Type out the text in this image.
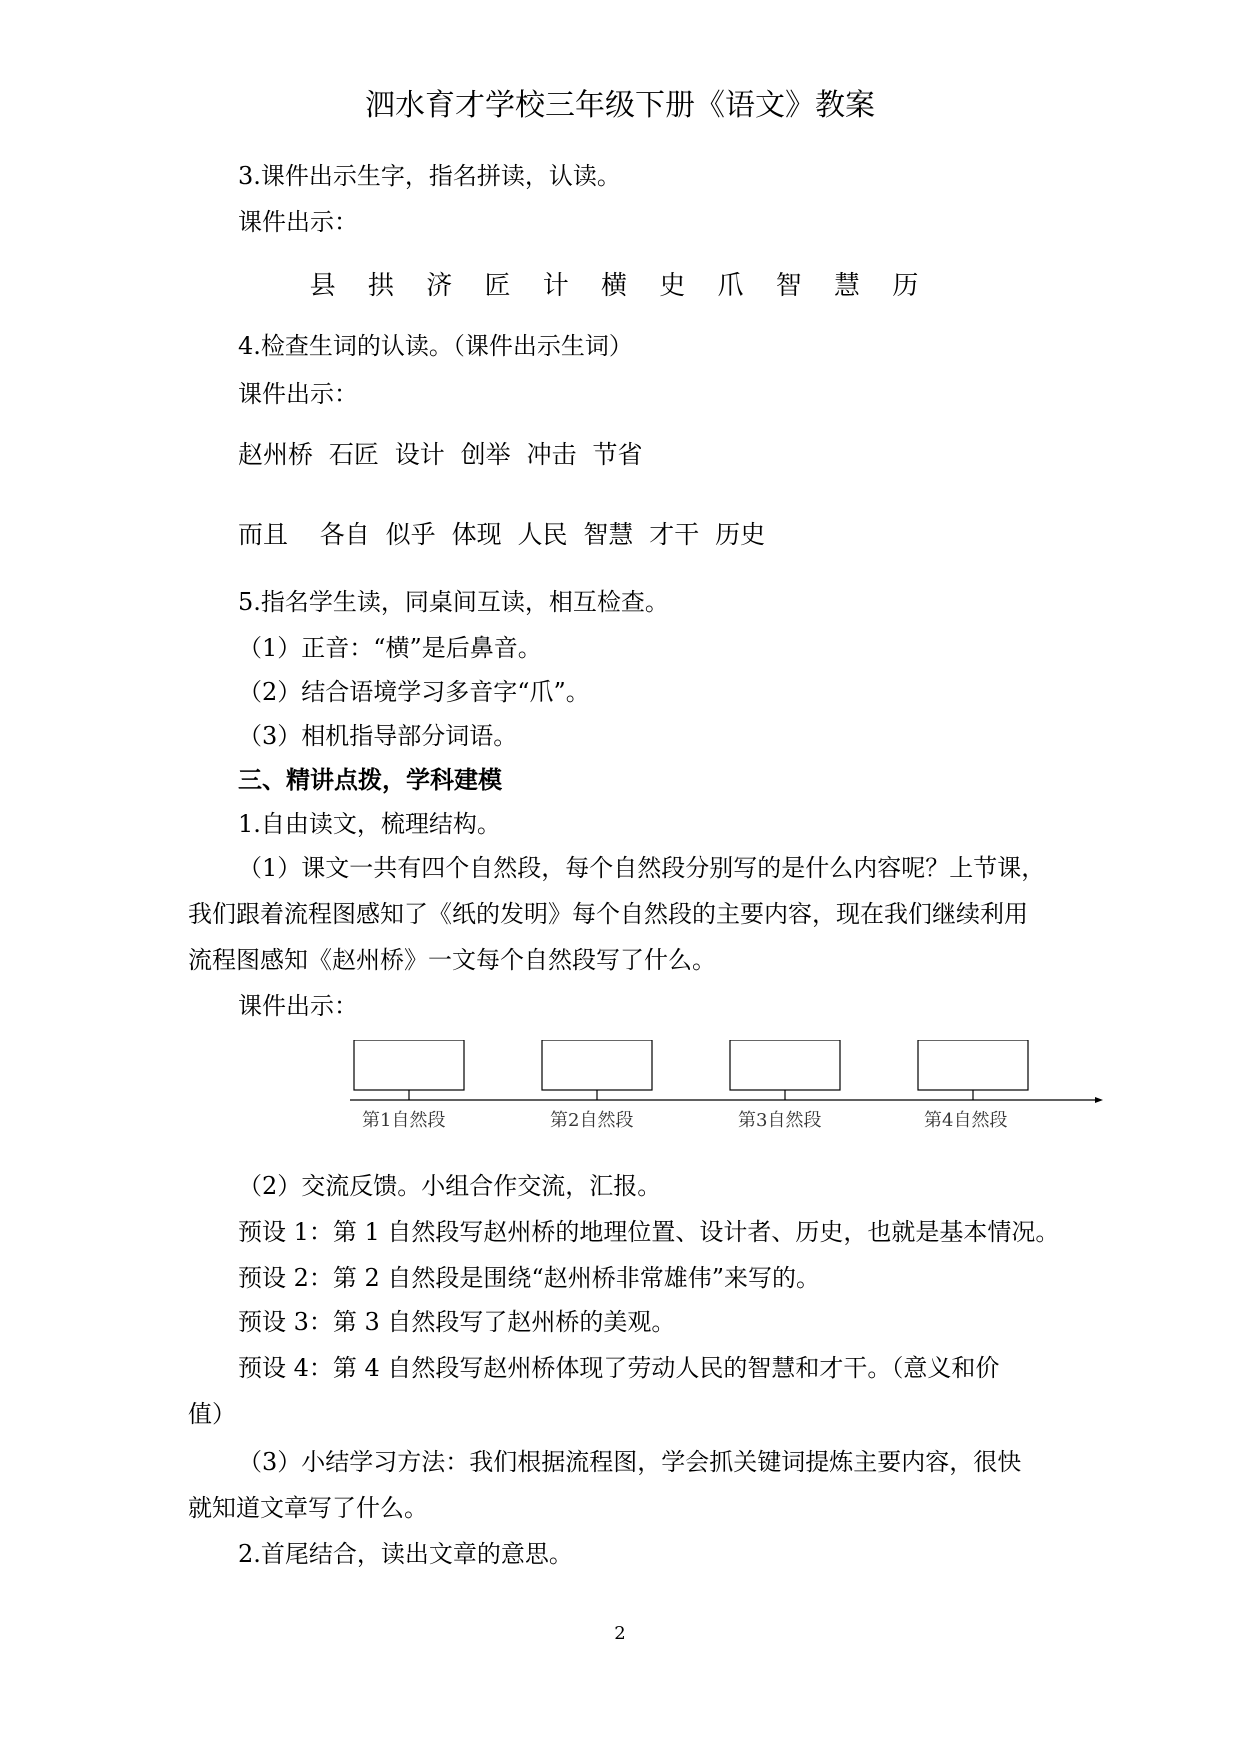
泗水育才学校三年级下册《语文》教案
3.课件出示生字，指名拼读，认读。
课件出示：
县 拱 济 匠 计 横 史 爪 智 慧 历
4.检查生词的认读。（课件出示生词）
课件出示：
赵州桥  石匠  设计  创举  冲击  节省
而且    各自  似乎  体现  人民  智慧  才干  历史
5.指名学生读，同桌间互读，相互检查。
（1）正音：“横”是后鼻音。
（2）结合语境学习多音字“爪”。
（3）相机指导部分词语。
三、精讲点拨，学科建模
1.自由读文，梳理结构。
（1）课文一共有四个自然段，每个自然段分别写的是什么内容呢？上节课，
我们跟着流程图感知了《纸的发明》每个自然段的主要内容，现在我们继续利用
流程图感知《赵州桥》一文每个自然段写了什么。
课件出示：
第1自然段	第2自然段	第3自然段	第4自然段
（2）交流反馈。小组合作交流，汇报。
预设 1：第 1 自然段写赵州桥的地理位置、设计者、历史，也就是基本情况。
预设 2：第 2 自然段是围绕“赵州桥非常雄伟”来写的。
预设 3：第 3 自然段写了赵州桥的美观。
预设 4：第 4 自然段写赵州桥体现了劳动人民的智慧和才干。（意义和价
值）
（3）小结学习方法：我们根据流程图，学会抓关键词提炼主要内容，很快
就知道文章写了什么。
2.首尾结合，读出文章的意思。
2
